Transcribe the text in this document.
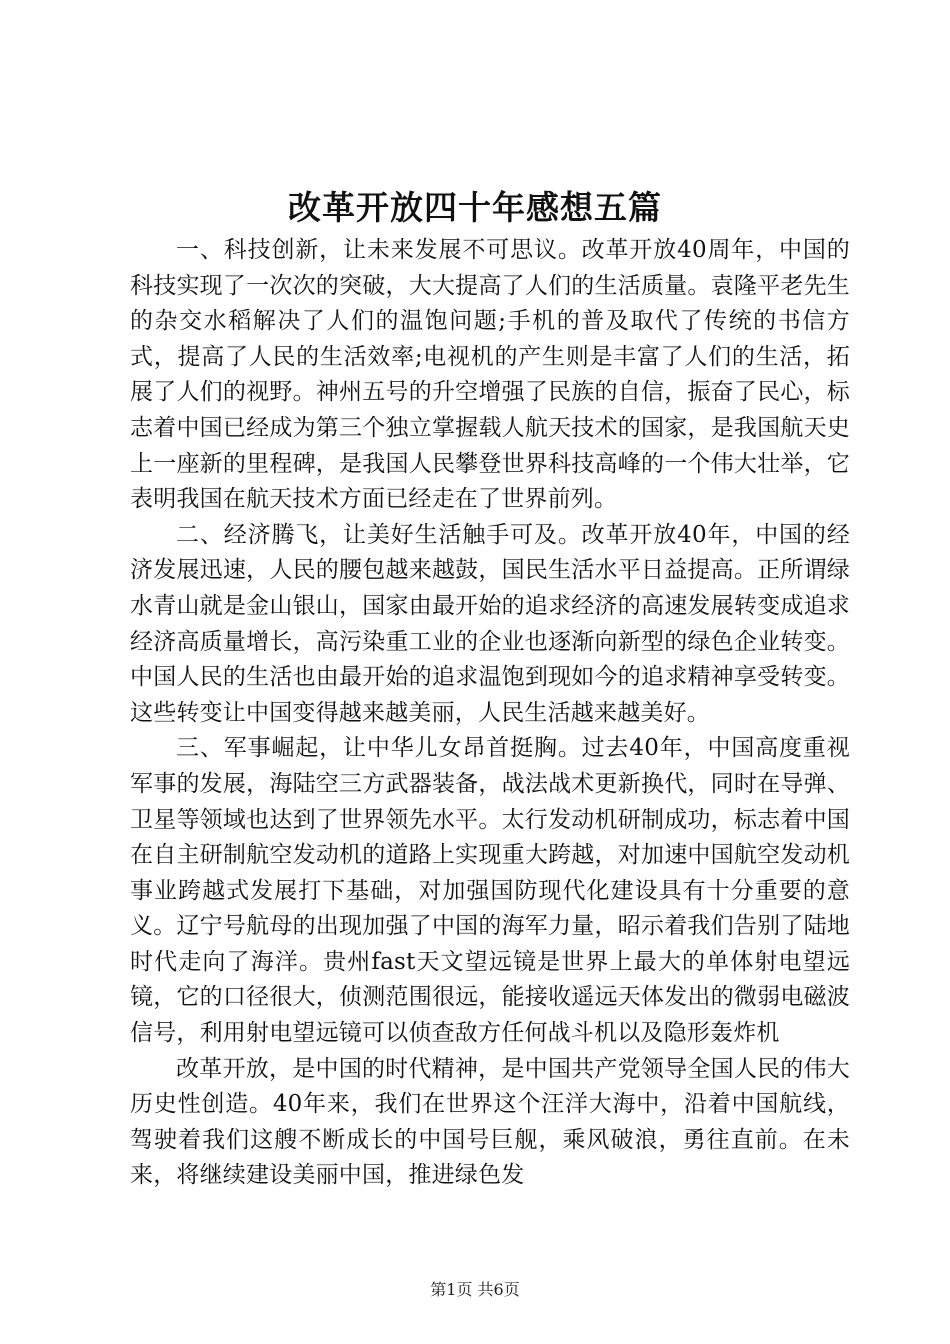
改革开放四十年感想五篇

一、科技创新，让未来发展不可思议。改革开放40周年，中国的科技实现了一次次的突破，大大提高了人们的生活质量。袁隆平老先生的杂交水稻解决了人们的温饱问题;手机的普及取代了传统的书信方式，提高了人民的生活效率;电视机的产生则是丰富了人们的生活，拓展了人们的视野。神州五号的升空增强了民族的自信，振奋了民心，标志着中国已经成为第三个独立掌握载人航天技术的国家，是我国航天史上一座新的里程碑，是我国人民攀登世界科技高峰的一个伟大壮举，它表明我国在航天技术方面已经走在了世界前列。

二、经济腾飞，让美好生活触手可及。改革开放40年，中国的经济发展迅速，人民的腰包越来越鼓，国民生活水平日益提高。正所谓绿水青山就是金山银山，国家由最开始的追求经济的高速发展转变成追求经济高质量增长，高污染重工业的企业也逐渐向新型的绿色企业转变。中国人民的生活也由最开始的追求温饱到现如今的追求精神享受转变。这些转变让中国变得越来越美丽，人民生活越来越美好。

三、军事崛起，让中华儿女昂首挺胸。过去40年，中国高度重视军事的发展，海陆空三方武器装备，战法战术更新换代，同时在导弹、卫星等领域也达到了世界领先水平。太行发动机研制成功，标志着中国在自主研制航空发动机的道路上实现重大跨越，对加速中国航空发动机事业跨越式发展打下基础，对加强国防现代化建设具有十分重要的意义。辽宁号航母的出现加强了中国的海军力量，昭示着我们告别了陆地时代走向了海洋。贵州fast天文望远镜是世界上最大的单体射电望远镜，它的口径很大，侦测范围很远，能接收遥远天体发出的微弱电磁波信号，利用射电望远镜可以侦查敌方任何战斗机以及隐形轰炸机

改革开放，是中国的时代精神，是中国共产党领导全国人民的伟大历史性创造。40年来，我们在世界这个汪洋大海中，沿着中国航线，驾驶着我们这艘不断成长的中国号巨舰，乘风破浪，勇往直前。在未来，将继续建设美丽中国，推进绿色发

第1页 共6页
